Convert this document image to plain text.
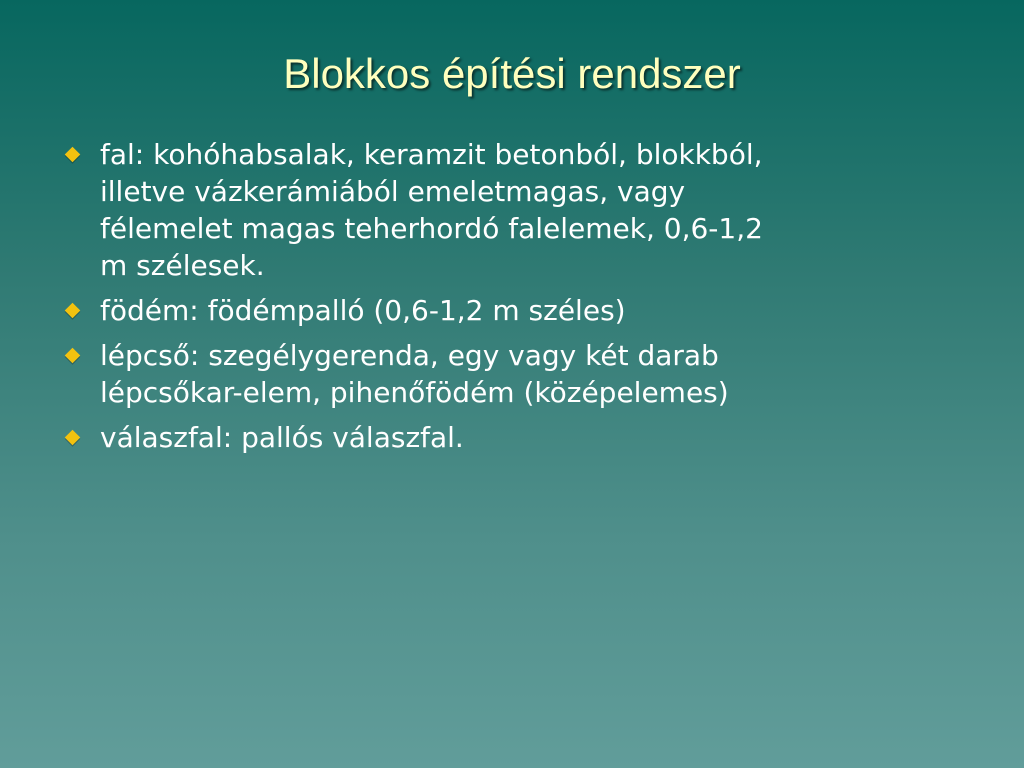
Blokkos építési rendszer
fal: kohóhabsalak, keramzit betonból, blokkból, illetve vázkerámiából emeletmagas, vagy félemelet magas teherhordó falelemek, 0,6-1,2 m szélesek.
födém: födémpalló (0,6-1,2 m széles)
lépcső: szegélygerenda, egy vagy két darab lépcsőkar-elem, pihenőfödém (középelemes)
válaszfal: pallós válaszfal.
